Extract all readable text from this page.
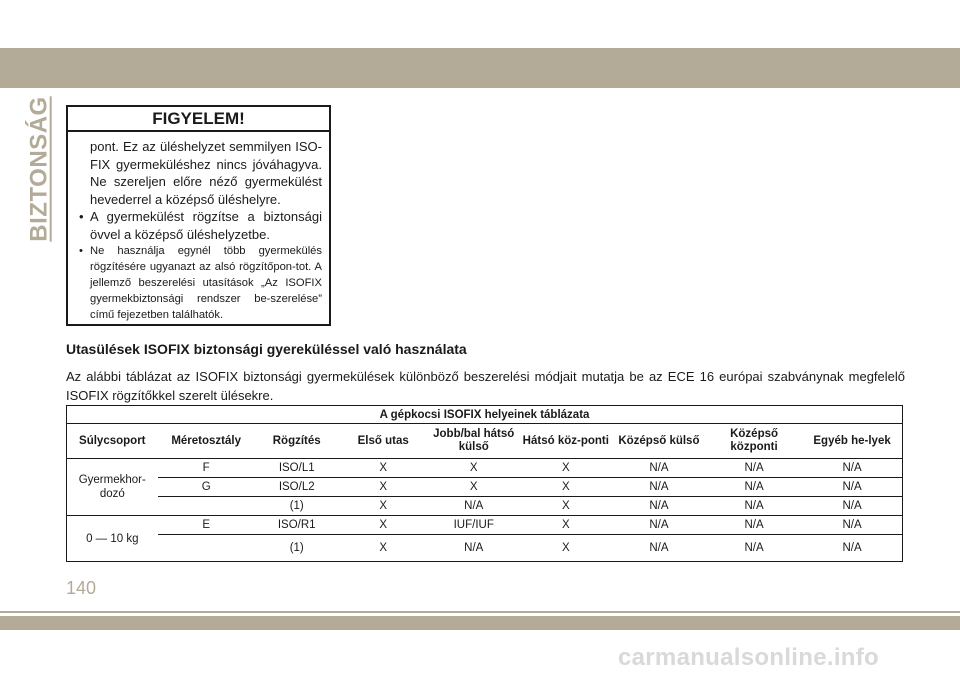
BIZTONSÁG	FIGYELEM!

pont. Ez az üléshelyzet semmilyen ISO-FIX gyermeküléshez nincs jóváhagyva. Ne szereljen előre néző gyermekülést hevederrel a középső üléshelyre.

• A gyermekülést rögzítse a biztonsági övvel a középső üléshelyzetbe.

• Ne használja egynél több gyermekülés rögzítésére ugyanazt az alsó rögzítőpon-tot. A jellemző beszerelési utasítások „Az ISOFIX gyermekbiztonsági rendszer be-szerelése” című fejezetben találhatók.

Utasülések ISOFIX biztonsági gyereküléssel való használata

Az alábbi táblázat az ISOFIX biztonsági gyermekülések különböző beszerelési módjait mutatja be az ECE 16 európai szabványnak megfelelő ISOFIX rögzítőkkel szerelt ülésekre.

A gépkocsi ISOFIX helyeinek táblázata								
Súlycsoport	Méretosztály	Rögzítés	Első utas	Jobb/bal hátsó külső	Hátsó köz-ponti	Középső külső	Középső központi	Egyéb he-lyek
Gyermekhor-dozó	F	ISO/L1	X	X	X	N/A	N/A	N/A
	G	ISO/L2	X	X	X	N/A	N/A	N/A
		(1)	X	N/A	X	N/A	N/A	N/A
0 — 10 kg	E	ISO/R1	X	IUF/IUF	X	N/A	N/A	N/A
		(1)	X	N/A	X	N/A	N/A	N/A

140

carmanualsonline.info
